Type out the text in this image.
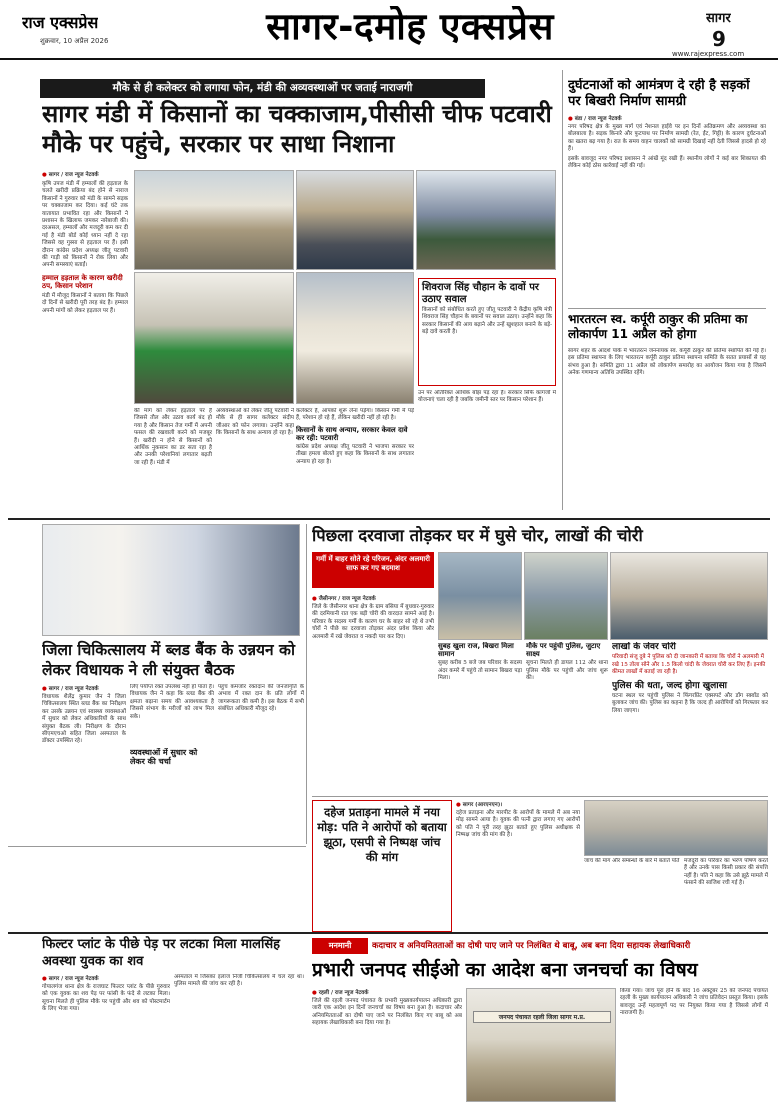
राज एक्सप्रेस
शुक्रवार, 10 अप्रैल 2026	सागर-दमोह एक्सप्रेस	सागर
9
www.rajexpress.com
मौके से ही कलेक्टर को लगाया फोन, मंडी की अव्यवस्थाओं पर जताई नाराजगी
सागर मंडी में किसानों का चक्काजाम,पीसीसी चीफ पटवारी मौके पर पहुंचे, सरकार पर साधा निशाना
● सागर / राज न्यूज नेटवर्क
कृषि उपज मंडी में हम्मालों की हड़ताल के चलते खरीदी प्रक्रिया बंद होने से नाराज किसानों ने गुरुवार को मंडी के सामने सड़क पर चक्काजाम कर दिया। कई घंटे तक यातायात प्रभावित रहा और किसानों ने प्रशासन के खिलाफ जमकर नारेबाजी की। दरअसल, हम्मालों और मजदूरी कम कर दी गई है मंडी बोर्ड कोई ध्यान नहीं दे रहा जिससे वह गुस्सा से हड़ताल पर हैं। इसी दौरान कांग्रेस प्रदेश अध्यक्ष जीतू पटवारी की गाड़ी को किसानों ने रोक लिया और अपनी समस्याएं बताईं।
हम्माल हड़ताल के कारण खरीदी ठप, किसान परेशान
मंडी में मौजूद किसानों ने बताया कि पिछले दो दिनों से खरीदी पूरी तरह बंद है। हम्माल अपनी मांगों को लेकर हड़ताल पर हैं।
की मांग को लेकर हड़ताल पर हैं जिससे तौल और उठाव कार्य बंद हो गया है और किसान तेज गर्मी में अपनी फसल की रखवाली करने को मजबूर हैं। खरीदी न होने से किसानों को आर्थिक नुकसान का डर सता रहा है और उनकी परेशानियां लगातार बढ़ती जा रही हैं। मंडी में
अव्यवस्थाओं को लेकर जीतू पटवारी ने मौके से ही सागर कलेक्टर संदीप जीआर को फोन लगाया। उन्होंने कहा कि किसानों के साथ अन्याय हो रहा है।
कलेक्टर है, आपको शुरू लेना पड़ेगा। किसान गर्मी में पड़े हैं, परेशान हो रहे हैं, लेकिन खरीदी नहीं हो रही है।
किसानों के साथ अन्याय, सरकार केवल दावे कर रही: पटवारी
कांग्रेस प्रदेश अध्यक्ष जीतू पटवारी ने भाजपा सरकार पर तीखा हमला बोलते हुए कहा कि किसानों के साथ लगातार अन्याय हो रहा है।
शिवराज सिंह चौहान के दावों पर उठाए सवाल
किसानों को संबोधित करते हुए जीतू पटवारी ने केंद्रीय कृषि मंत्री शिवराज सिंह चौहान के बयानों पर सवाल उठाए। उन्होंने कहा कि सरकार किसानों की आय बढ़ाने और उन्हें खुशहाल बनाने के बड़े-बड़े दावे करती है।
उन पर अतिरिक्त आर्थिक बोझ पड़ रहा है। सरकार सिर्फ कागजों में योजनाएं चला रही है जबकि जमीनी स्तर पर किसान परेशान हैं।
दुर्घटनाओं को आमंत्रण दे रही है सड़कों पर बिखरी निर्माण सामग्री
● बंडा / राज न्यूज नेटवर्क
नगर परिषद क्षेत्र के मुख्य मार्ग एवं नेशनल हाईवे पर इन दिनों अतिक्रमण और अव्यवस्था का बोलबाला है। सड़क किनारे और फुटपाथ पर निर्माण सामग्री (रेत, ईंट, गिट्टी) के कारण दुर्घटनाओं का खतरा बढ़ गया है। रात के समय वाहन चालकों को सामग्री दिखाई नहीं देती जिससे हादसे हो रहे हैं।
इसके बावजूद नगर परिषद प्रशासन ने आंखें मूंद रखी हैं। स्थानीय लोगों ने कई बार शिकायत की लेकिन कोई ठोस कार्रवाई नहीं की गई।
भारतरत्न स्व. कर्पूरी ठाकुर की प्रतिमा का लोकार्पण 11 अप्रैल को होगा
सागर शहर के आदर्श पार्क में भारतरत्न जननायक स्व. कर्पूरी ठाकुर की प्रतिमा स्थापित की गई है। इस प्रतिमा स्थापना के लिए भारतरत्न कर्पूरी ठाकुर प्रतिमा स्थापना समिति के सतत प्रयासों से यह संभव हुआ है। समिति द्वारा 11 अप्रैल को लोकार्पण समारोह का आयोजन किया गया है जिसमें अनेक गणमान्य अतिथि उपस्थित रहेंगे।
जिला चिकित्सालय में ब्लड बैंक के उन्नयन को लेकर विधायक ने ली संयुक्त बैठक
● सागर / राज न्यूज नेटवर्क
विधायक शैलेंद्र कुमार जैन ने जिला चिकित्सालय स्थित ब्लड बैंक का निरीक्षण कर उसके उन्नयन एवं स्वास्थ्य व्यवस्थाओं में सुधार को लेकर अधिकारियों के साथ संयुक्त बैठक ली। निरीक्षण के दौरान सीएमएचओ सहित जिला अस्पताल के डॉक्टर उपस्थित रहे।
लिए पर्याप्त रक्त उपलब्ध नहीं हो पाता है। विधायक जैन ने कहा कि ब्लड बैंक की क्षमता बढ़ाना समय की आवश्यकता है जिससे संभाग के मरीजों को लाभ मिल सके।
व्यवस्थाओं में सुधार को लेकर की चर्चा
पहुंच कमजोर रक्तदान की जनजागृति के अभाव में रक्त दान के प्रति लोगों में जागरूकता की कमी है। इस बैठक में सभी संबंधित अधिकारी मौजूद रहे।
पिछला दरवाजा तोड़कर घर में घुसे चोर, लाखों की चोरी
गर्मी में बाहर सोते रहे परिजन, अंदर अलमारी साफ कर गए बदमाश
● जैसीनगर / राज न्यूज नेटवर्क
जिले के जैसीनगर थाना क्षेत्र के ग्राम बसिया में बुधवार-गुरुवार की दरमियानी रात एक बड़ी चोरी की वारदात सामने आई है। परिवार के सदस्य गर्मी के कारण घर के बाहर सो रहे थे तभी चोरों ने पीछे का दरवाजा तोड़कर अंदर प्रवेश किया और अलमारी में रखे जेवरात व नकदी पार कर दिए।
सुबह खुला राज, बिखरा मिला सामान
सुबह करीब 5 बजे जब परिवार के सदस्य अंदर कमरे में पहुंचे तो सामान बिखरा पड़ा मिला।
मौके पर पहुंची पुलिस, जुटाए साक्ष्य
सूचना मिलते ही डायल 112 और थाना पुलिस मौके पर पहुंची और जांच शुरू की।
लाखों के जेवर चोरी
परिवादी संजू दुबे ने पुलिस को दी जानकारी में बताया कि चोरों ने अलमारी में रखे 15 तोला सोने और 1.5 किलो चांदी के जेवरात चोरी कर लिए हैं। इनकी कीमत लाखों में बताई जा रही है।
पुलिस की धता, जल्द होगा खुलासा
घटना स्थल पर पहुंची पुलिस ने फिंगरप्रिंट एक्सपर्ट और डॉग स्क्वॉड को बुलाकर जांच की। पुलिस का कहना है कि जल्द ही आरोपियों को गिरफ्तार कर लिया जाएगा।
दहेज प्रताड़ना मामले में नया मोड़: पति ने आरोपों को बताया झूठा, एसपी से निष्पक्ष जांच की मांग
● सागर (आरएनएन)।
दहेज प्रताड़ना और मारपीट के आरोपों के मामले में अब नया मोड़ सामने आया है। युवक की पत्नी द्वारा लगाए गए आरोपों को पति ने पूरी तरह झूठा बताते हुए पुलिस अधीक्षक से निष्पक्ष जांच की मांग की है।
जांच की मांग और सम्बन्धों के बारे में बताते पति मजदूरी का परिवार का भरण पोषण करते हैं और उनके पास किसी प्रकार की संपत्ति नहीं है। पति ने कहा कि उसे झूठे मामले में फंसाने की साजिश रची गई है।
फिल्टर प्लांट के पीछे पेड़ पर लटका मिला मालसिंह अवस्था युवक का शव
● सागर / राज न्यूज नेटवर्क
गोपालगंज थाना क्षेत्र के राजघाट फिल्टर प्लांट के पीछे गुरुवार को एक युवक का शव पेड़ पर फांसी के फंदे से लटका मिला। सूचना मिलते ही पुलिस मौके पर पहुंची और शव को पोस्टमार्टम के लिए भेजा गया।
अस्पताल में जिसका इलाज निजी चिकित्सालय में चल रहा था। पुलिस मामले की जांच कर रही है।
मनमानी	कदाचार व अनियमितताओं का दोषी पाए जाने पर निलंबित थे बाबू, अब बना दिया सहायक लेखाधिकारी
प्रभारी जनपद सीईओ का आदेश बना जनचर्चा का विषय
● रहली / राज न्यूज नेटवर्क
जिले की रहली जनपद पंचायत के प्रभारी मुख्यकार्यपालन अधिकारी द्वारा जारी एक आदेश इन दिनों जनचर्चा का विषय बना हुआ है। कदाचार और अनियमितताओं का दोषी पाए जाने पर निलंबित किए गए बाबू को अब सहायक लेखाधिकारी बना दिया गया है।
जनपद पंचायत रहली जिला सागर म.प्र.
किया गया। जांच पूरा होने के बाद 16 अक्टूबर 25 को जनपद पंचायत रहली के मुख्य कार्यपालन अधिकारी ने जांच प्रतिवेदन प्रस्तुत किया। इसके बावजूद उन्हें महत्वपूर्ण पद पर नियुक्त किया गया है जिससे लोगों में नाराजगी है।
